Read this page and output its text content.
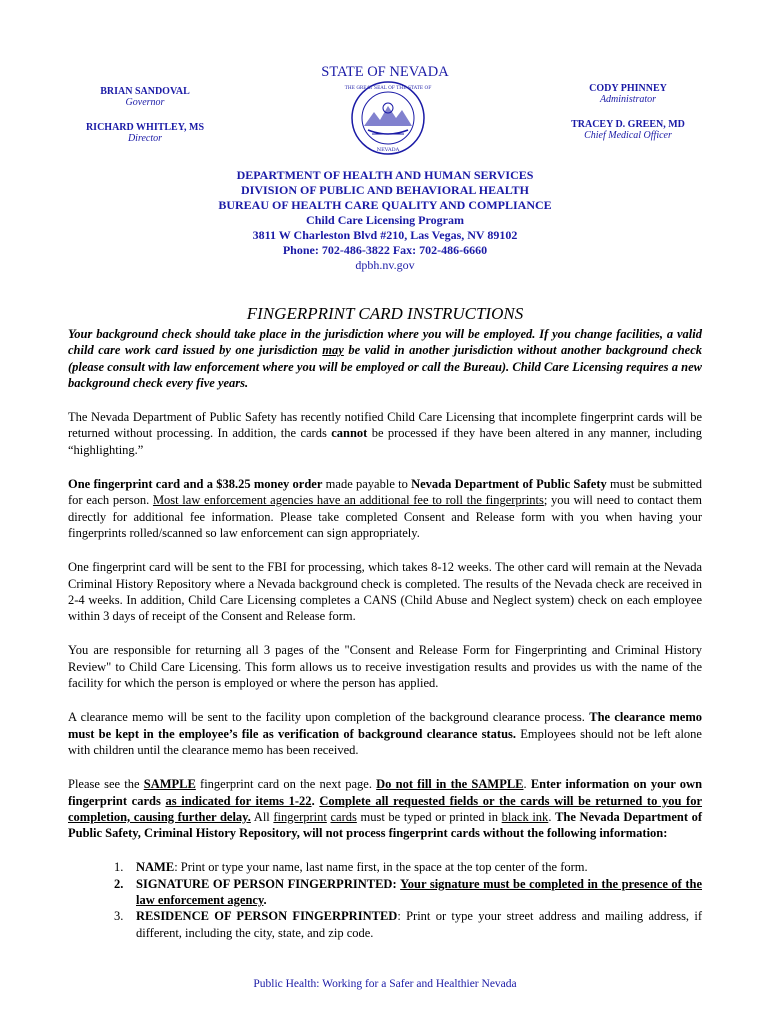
STATE OF NEVADA
BRIAN SANDOVAL
Governor
RICHARD WHITLEY, MS
Director
CODY PHINNEY
Administrator
TRACEY D. GREEN, MD
Chief Medical Officer
THE GREAT SEAL OF THE STATE OF
NEVADA
DEPARTMENT OF HEALTH AND HUMAN SERVICES
DIVISION OF PUBLIC AND BEHAVIORAL HEALTH
BUREAU OF HEALTH CARE QUALITY AND COMPLIANCE
Child Care Licensing Program
3811 W Charleston Blvd #210, Las Vegas, NV 89102
Phone: 702-486-3822 Fax: 702-486-6660
dpbh.nv.gov
FINGERPRINT CARD INSTRUCTIONS

Your background check should take place in the jurisdiction where you will be employed. If you change facilities, a valid child care work card issued by one jurisdiction may be valid in another jurisdiction without another background check (please consult with law enforcement where you will be employed or call the Bureau). Child Care Licensing requires a new background check every five years.

The Nevada Department of Public Safety has recently notified Child Care Licensing that incomplete fingerprint cards will be returned without processing. In addition, the cards cannot be processed if they have been altered in any manner, including “highlighting.”

One fingerprint card and a $38.25 money order made payable to Nevada Department of Public Safety must be submitted for each person. Most law enforcement agencies have an additional fee to roll the fingerprints; you will need to contact them directly for additional fee information. Please take completed Consent and Release form with you when having your fingerprints rolled/scanned so law enforcement can sign appropriately.

One fingerprint card will be sent to the FBI for processing, which takes 8-12 weeks. The other card will remain at the Nevada Criminal History Repository where a Nevada background check is completed. The results of the Nevada check are received in 2-4 weeks. In addition, Child Care Licensing completes a CANS (Child Abuse and Neglect system) check on each employee within 3 days of receipt of the Consent and Release form.

You are responsible for returning all 3 pages of the "Consent and Release Form for Fingerprinting and Criminal History Review" to Child Care Licensing. This form allows us to receive investigation results and provides us with the name of the facility for which the person is employed or where the person has applied.

A clearance memo will be sent to the facility upon completion of the background clearance process. The clearance memo must be kept in the employee’s file as verification of background clearance status. Employees should not be left alone with children until the clearance memo has been received.

Please see the SAMPLE fingerprint card on the next page. Do not fill in the SAMPLE. Enter information on your own fingerprint cards as indicated for items 1-22. Complete all requested fields or the cards will be returned to you for completion, causing further delay. All fingerprint cards must be typed or printed in black ink. The Nevada Department of Public Safety, Criminal History Repository, will not process fingerprint cards without the following information:

1. NAME: Print or type your name, last name first, in the space at the top center of the form.
2. SIGNATURE OF PERSON FINGERPRINTED: Your signature must be completed in the presence of the law enforcement agency.
3. RESIDENCE OF PERSON FINGERPRINTED: Print or type your street address and mailing address, if different, including the city, state, and zip code.
Public Health: Working for a Safer and Healthier Nevada
